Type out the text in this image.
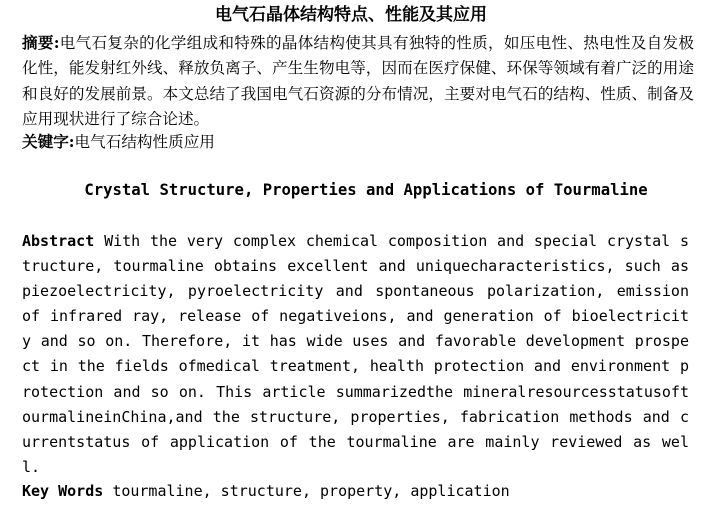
电气石晶体结构特点、性能及其应用
摘要:电气石复杂的化学组成和特殊的晶体结构使其具有独特的性质，如压电性、热电性及自发极化性，能发射红外线、释放负离子、产生生物电等，因而在医疗保健、环保等领域有着广泛的用途和良好的发展前景。本文总结了我国电气石资源的分布情况，主要对电气石的结构、性质、制备及应用现状进行了综合论述。
关键字:电气石结构性质应用
Crystal Structure, Properties and Applications of Tourmaline
Abstract With the very complex chemical composition and special crystal structure, tourmaline obtains excellent and uniquecharacteristics, such aspiezoelectricity, pyroelectricity and spontaneous polarization, emission of infrared ray, release of negativeions, and generation of bioelectricity and so on. Therefore, it has wide uses and favorable development prospect in the fields ofmedical treatment, health protection and environment protection and so on. This article summarizedthe mineralresourcesstatusoftourmalineinChina,and the structure, properties, fabrication methods and currentstatus of application of the tourmaline are mainly reviewed as well.
Key Words tourmaline, structure, property, application
